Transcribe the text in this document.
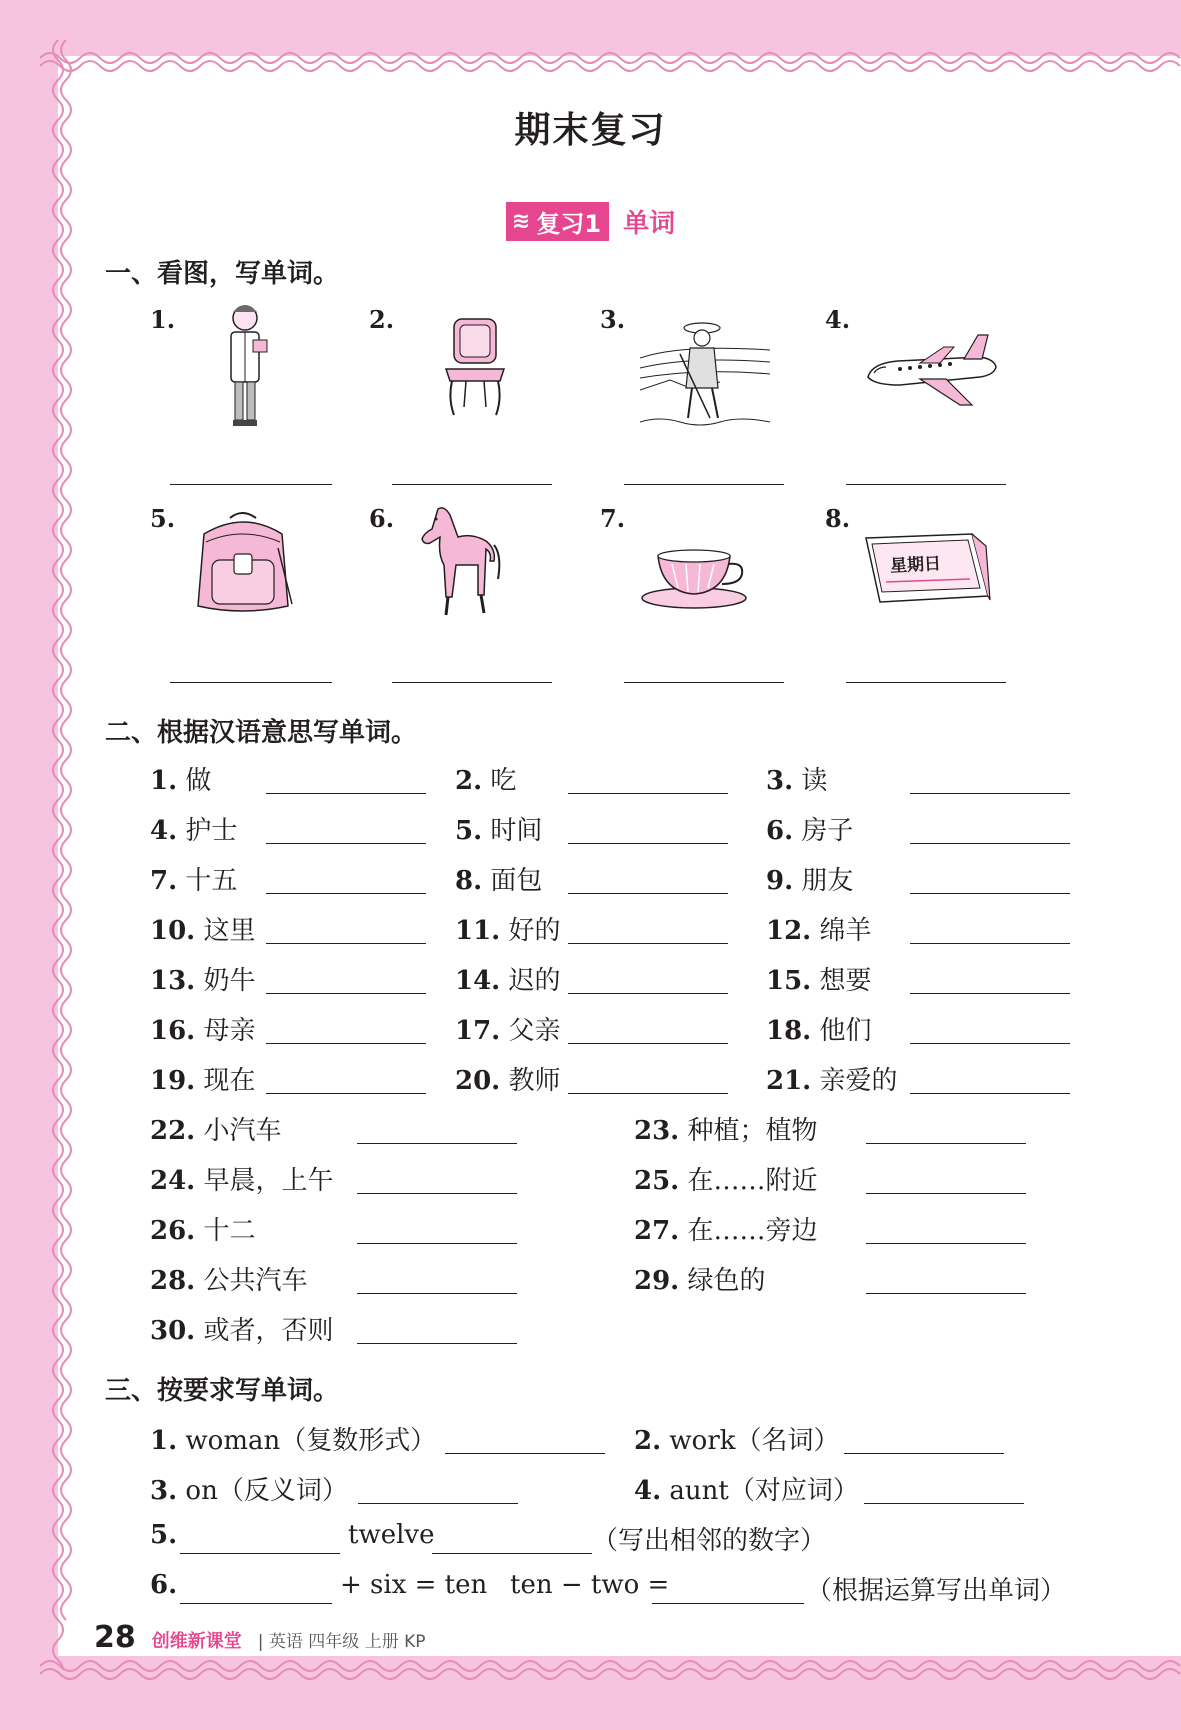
期末复习
≋ 复习1 单词
一、看图，写单词。
1.	2.	3.	4.
5.	6.	7.	8.
星期日
二、根据汉语意思写单词。
1. 做	2. 吃	3. 读
4. 护士	5. 时间	6. 房子
7. 十五	8. 面包	9. 朋友
10. 这里	11. 好的	12. 绵羊
13. 奶牛	14. 迟的	15. 想要
16. 母亲	17. 父亲	18. 他们
19. 现在	20. 教师	21. 亲爱的
22. 小汽车	23. 种植；植物
24. 早晨，上午	25. 在……附近
26. 十二	27. 在……旁边
28. 公共汽车	29. 绿色的
30. 或者，否则
三、按要求写单词。
1. woman（复数形式）	2. work（名词）
3. on（反义词）	4. aunt（对应词）
5.	twelve	（写出相邻的数字）
6.	+ six = ten ten − two =	（根据运算写出单词）
28 创维新课堂 | 英语 四年级 上册 KP
